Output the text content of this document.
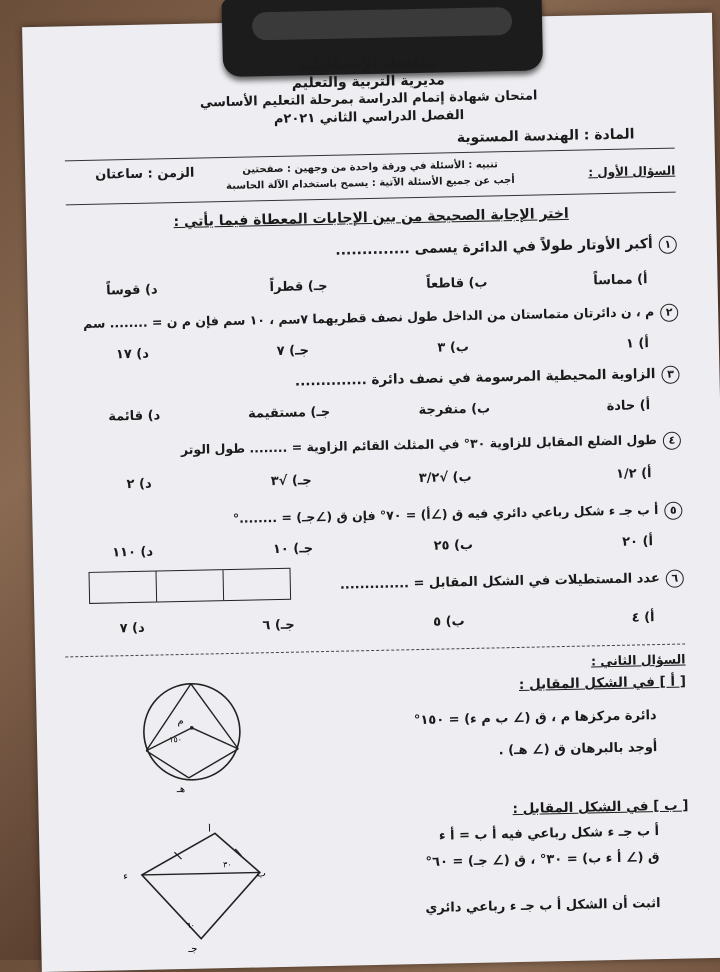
محافظة الإسماعيلية
مديرية التربية والتعليم
امتحان شهادة إتمام الدراسة بمرحلة التعليم الأساسي
الفصل الدراسي الثاني ٢٠٢١م
المادة : الهندسة المستوية
الزمن : ساعتان	تنبيه : الأسئلة في ورقة واحدة من وجهين : صفحتين
أجب عن جميع الأسئلة الآتية : يسمح باستخدام الآلة الحاسبة
السؤال الأول :
اختر الإجابة الصحيحة من بين الإجابات المعطاة فيما يأتي :
١أكبر الأوتار طولاً في الدائرة يسمى ..............
أ) مماساً
ب) قاطعاً
جـ) قطراً
د) قوساً
٢م ، ن دائرتان متماستان من الداخل طول نصف قطريهما ٧سم ، ١٠ سم فإن م ن = ........ سم
أ) ١
ب) ٣
جـ) ٧
د) ١٧
٣الزاوية المحيطية المرسومة في نصف دائرة ..............
أ) حادة
ب) منفرجة
جـ) مستقيمة
د) قائمة
٤طول الضلع المقابل للزاوية ٣٠° في المثلث القائم الزاوية = ........ طول الوتر
أ) ١/٢
ب) √٣/٢
جـ) √٣
د) ٢
٥أ ب جـ ء شكل رباعي دائري فيه ق (∠أ) = ٧٠° فإن ق (∠جـ) = ........°
أ) ٢٠
ب) ٢٥
جـ) ١٠
د) ١١٠
٦عدد المستطيلات في الشكل المقابل = ..............
أ) ٤
ب) ٥
جـ) ٦
د) ٧
السؤال الثاني :
[ أ ] في الشكل المقابل :
دائرة مركزها م ، ق (∠ ب م ء) = ١٥٠°
أوجد بالبرهان ق (∠ هـ) .
[ ب ] في الشكل المقابل :
أ ب جـ ء شكل رباعي فيه أ ب = أ ء
ق (∠ أ ء ب) = ٣٠° ، ق (∠ جـ) = ٦٠°
اثبت أن الشكل أ ب جـ ء رباعي دائري
م
١٥٠
هـ
أ
ب
ء
جـ
٣٠
٦٠
